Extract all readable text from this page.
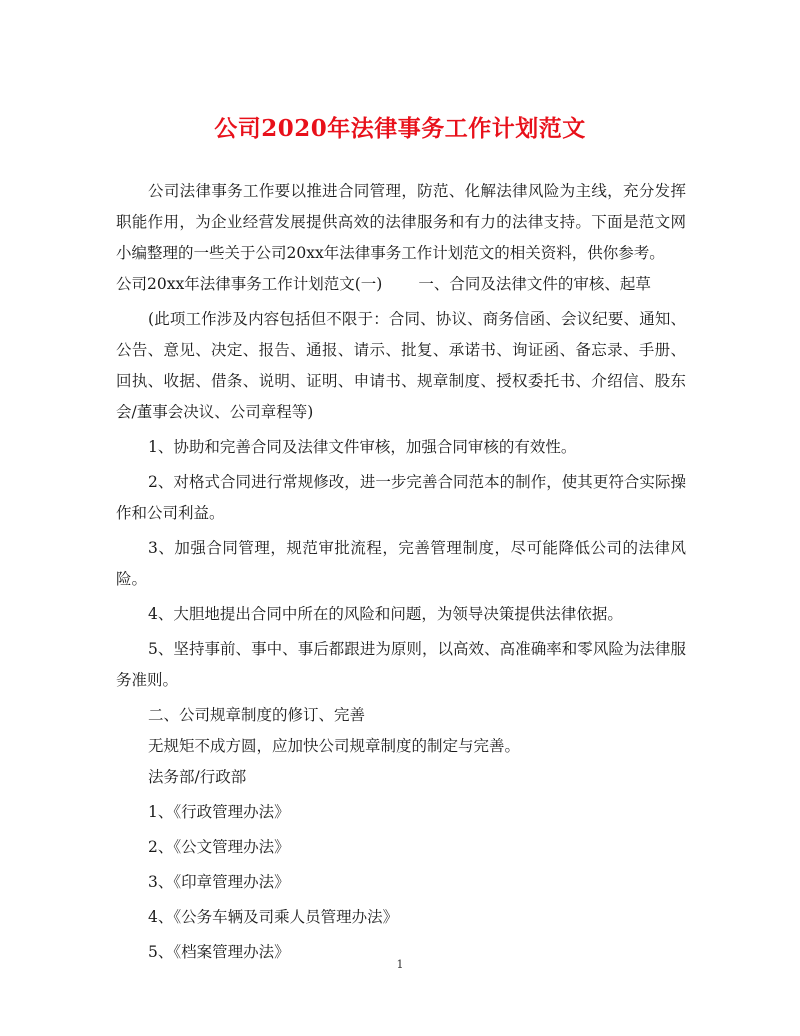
公司2020年法律事务工作计划范文

公司法律事务工作要以推进合同管理，防范、化解法律风险为主线，充分发挥职能作用，为企业经营发展提供高效的法律服务和有力的法律支持。下面是范文网小编整理的一些关于公司20xx年法律事务工作计划范文的相关资料，供你参考。

公司20xx年法律事务工作计划范文(一) 一、合同及法律文件的审核、起草

(此项工作涉及内容包括但不限于：合同、协议、商务信函、会议纪要、通知、公告、意见、决定、报告、通报、请示、批复、承诺书、询证函、备忘录、手册、回执、收据、借条、说明、证明、申请书、规章制度、授权委托书、介绍信、股东会/董事会决议、公司章程等)

1、协助和完善合同及法律文件审核，加强合同审核的有效性。

2、对格式合同进行常规修改，进一步完善合同范本的制作，使其更符合实际操作和公司利益。

3、加强合同管理，规范审批流程，完善管理制度，尽可能降低公司的法律风险。

4、大胆地提出合同中所在的风险和问题，为领导决策提供法律依据。

5、坚持事前、事中、事后都跟进为原则，以高效、高准确率和零风险为法律服务准则。

二、公司规章制度的修订、完善

无规矩不成方圆，应加快公司规章制度的制定与完善。

法务部/行政部

1、《行政管理办法》

2、《公文管理办法》

3、《印章管理办法》

4、《公务车辆及司乘人员管理办法》

5、《档案管理办法》

1
